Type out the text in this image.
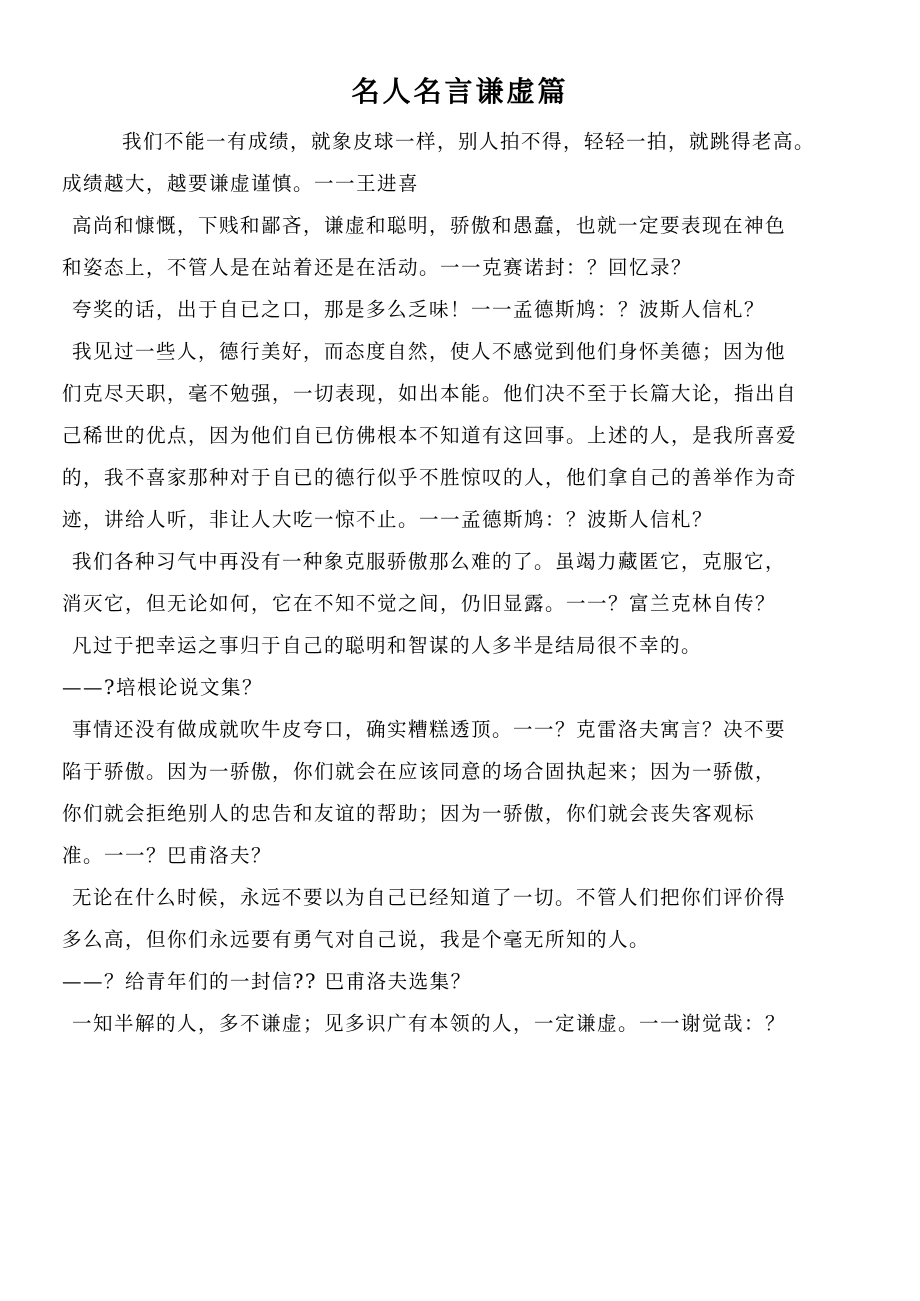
名人名言谦虚篇
我们不能一有成绩，就象皮球一样，别人拍不得，轻轻一拍，就跳得老高。
成绩越大，越要谦虚谨慎。一一王进喜
高尚和慷慨，下贱和鄙吝，谦虚和聪明，骄傲和愚蠢，也就一定要表现在神色
和姿态上，不管人是在站着还是在活动。一一克赛诺封：？回忆录？
夸奖的话，出于自已之口，那是多么乏味！一一孟德斯鸠：？波斯人信札？
我见过一些人，德行美好，而态度自然，使人不感觉到他们身怀美德；因为他
们克尽天职，毫不勉强，一切表现，如出本能。他们决不至于长篇大论，指出自
己稀世的优点，因为他们自已仿佛根本不知道有这回事。上述的人，是我所喜爱
的，我不喜家那种对于自已的德行似乎不胜惊叹的人，他们拿自己的善举作为奇
迹，讲给人听，非让人大吃一惊不止。一一孟德斯鸠：？波斯人信札？
我们各种习气中再没有一种象克服骄傲那么难的了。虽竭力藏匿它，克服它，
消灭它，但无论如何，它在不知不觉之间，仍旧显露。一一？富兰克林自传？
凡过于把幸运之事归于自己的聪明和智谋的人多半是结局很不幸的。
——?培根论说文集？
事情还没有做成就吹牛皮夸口，确实糟糕透顶。一一？克雷洛夫寓言？决不要
陷于骄傲。因为一骄傲，你们就会在应该同意的场合固执起来；因为一骄傲，
你们就会拒绝别人的忠告和友谊的帮助；因为一骄傲，你们就会丧失客观标
准。一一？巴甫洛夫？
无论在什么时候，永远不要以为自己已经知道了一切。不管人们把你们评价得
多么高，但你们永远要有勇气对自己说，我是个毫无所知的人。
——？给青年们的一封信?? 巴甫洛夫选集？
一知半解的人，多不谦虚；见多识广有本领的人，一定谦虚。一一谢觉哉：？
